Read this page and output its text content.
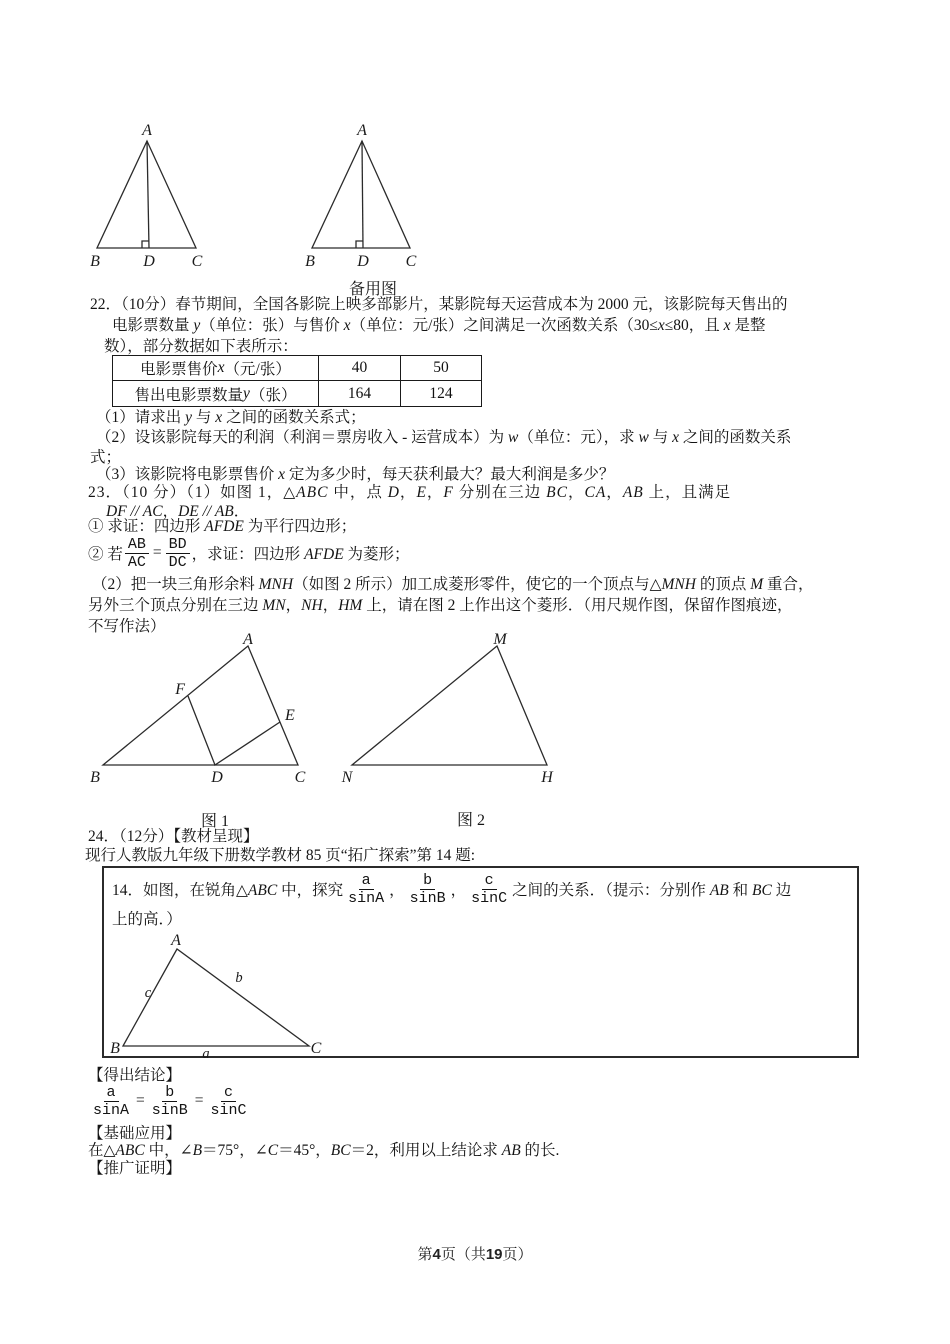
A
B	D C
A
B	D C
备用图
22．（10分）春节期间，全国各影院上映多部影片，某影院每天运营成本为 2000 元，该影院每天售出的
电影票数量 y（单位：张）与售价 x（单位：元/张）之间满足一次函数关系（30≤x≤80，且 x 是整
数），部分数据如下表所示：
电影票售价 x （元/张）	40	50
售出电影票数量 y （张）	164	124
（1）请求出 y 与 x 之间的函数关系式；
（2）设该影院每天的利润（利润＝票房收入 - 运营成本）为 w（单位：元），求 w 与 x 之间的函数关系
式；
（3）该影院将电影票售价 x 定为多少时，每天获利最大？最大利润是多少？
23．（10 分）（1）如图 1，△ABC 中，点 D，E，F 分别在三边 BC，CA，AB 上，且满足
DF // AC，DE // AB．
① 求证：四边形 AFDE 为平行四边形；
② 若 $\frac{AB}{AC} = \frac{BD}{DC}$ ，求证：四边形 AFDE 为菱形；
（2）把一块三角形余料 MNH（如图 2 所示）加工成菱形零件，使它的一个顶点与△MNH 的顶点 M 重合，
另外三个顶点分别在三边 MN，NH，HM 上，请在图 2 上作出这个菱形．（用尺规作图，保留作图痕迹，
不写作法）
A
F
E
B	D	C
M
N	H
图 1	图 2
24．（12分）【教材呈现】
现行人教版九年级下册数学教材 85 页“拓广探索”第 14 题:
14．如图，在锐角△ABC 中，探究 $\frac{a}{\sin A}$ ， $\frac{b}{\sin B}$ ， $\frac{c}{\sin C}$ 之间的关系．（提示：分别作 AB 和 BC 边
上的高．）
A
B	C
c
b
a
【得出结论】
$\frac{a}{\sin A} = \frac{b}{\sin B} = \frac{c}{\sin C}$
【基础应用】
在△ABC 中，∠B＝75°，∠C＝45°，BC＝2，利用以上结论求 AB 的长.
【推广证明】
第4页（共19页）
